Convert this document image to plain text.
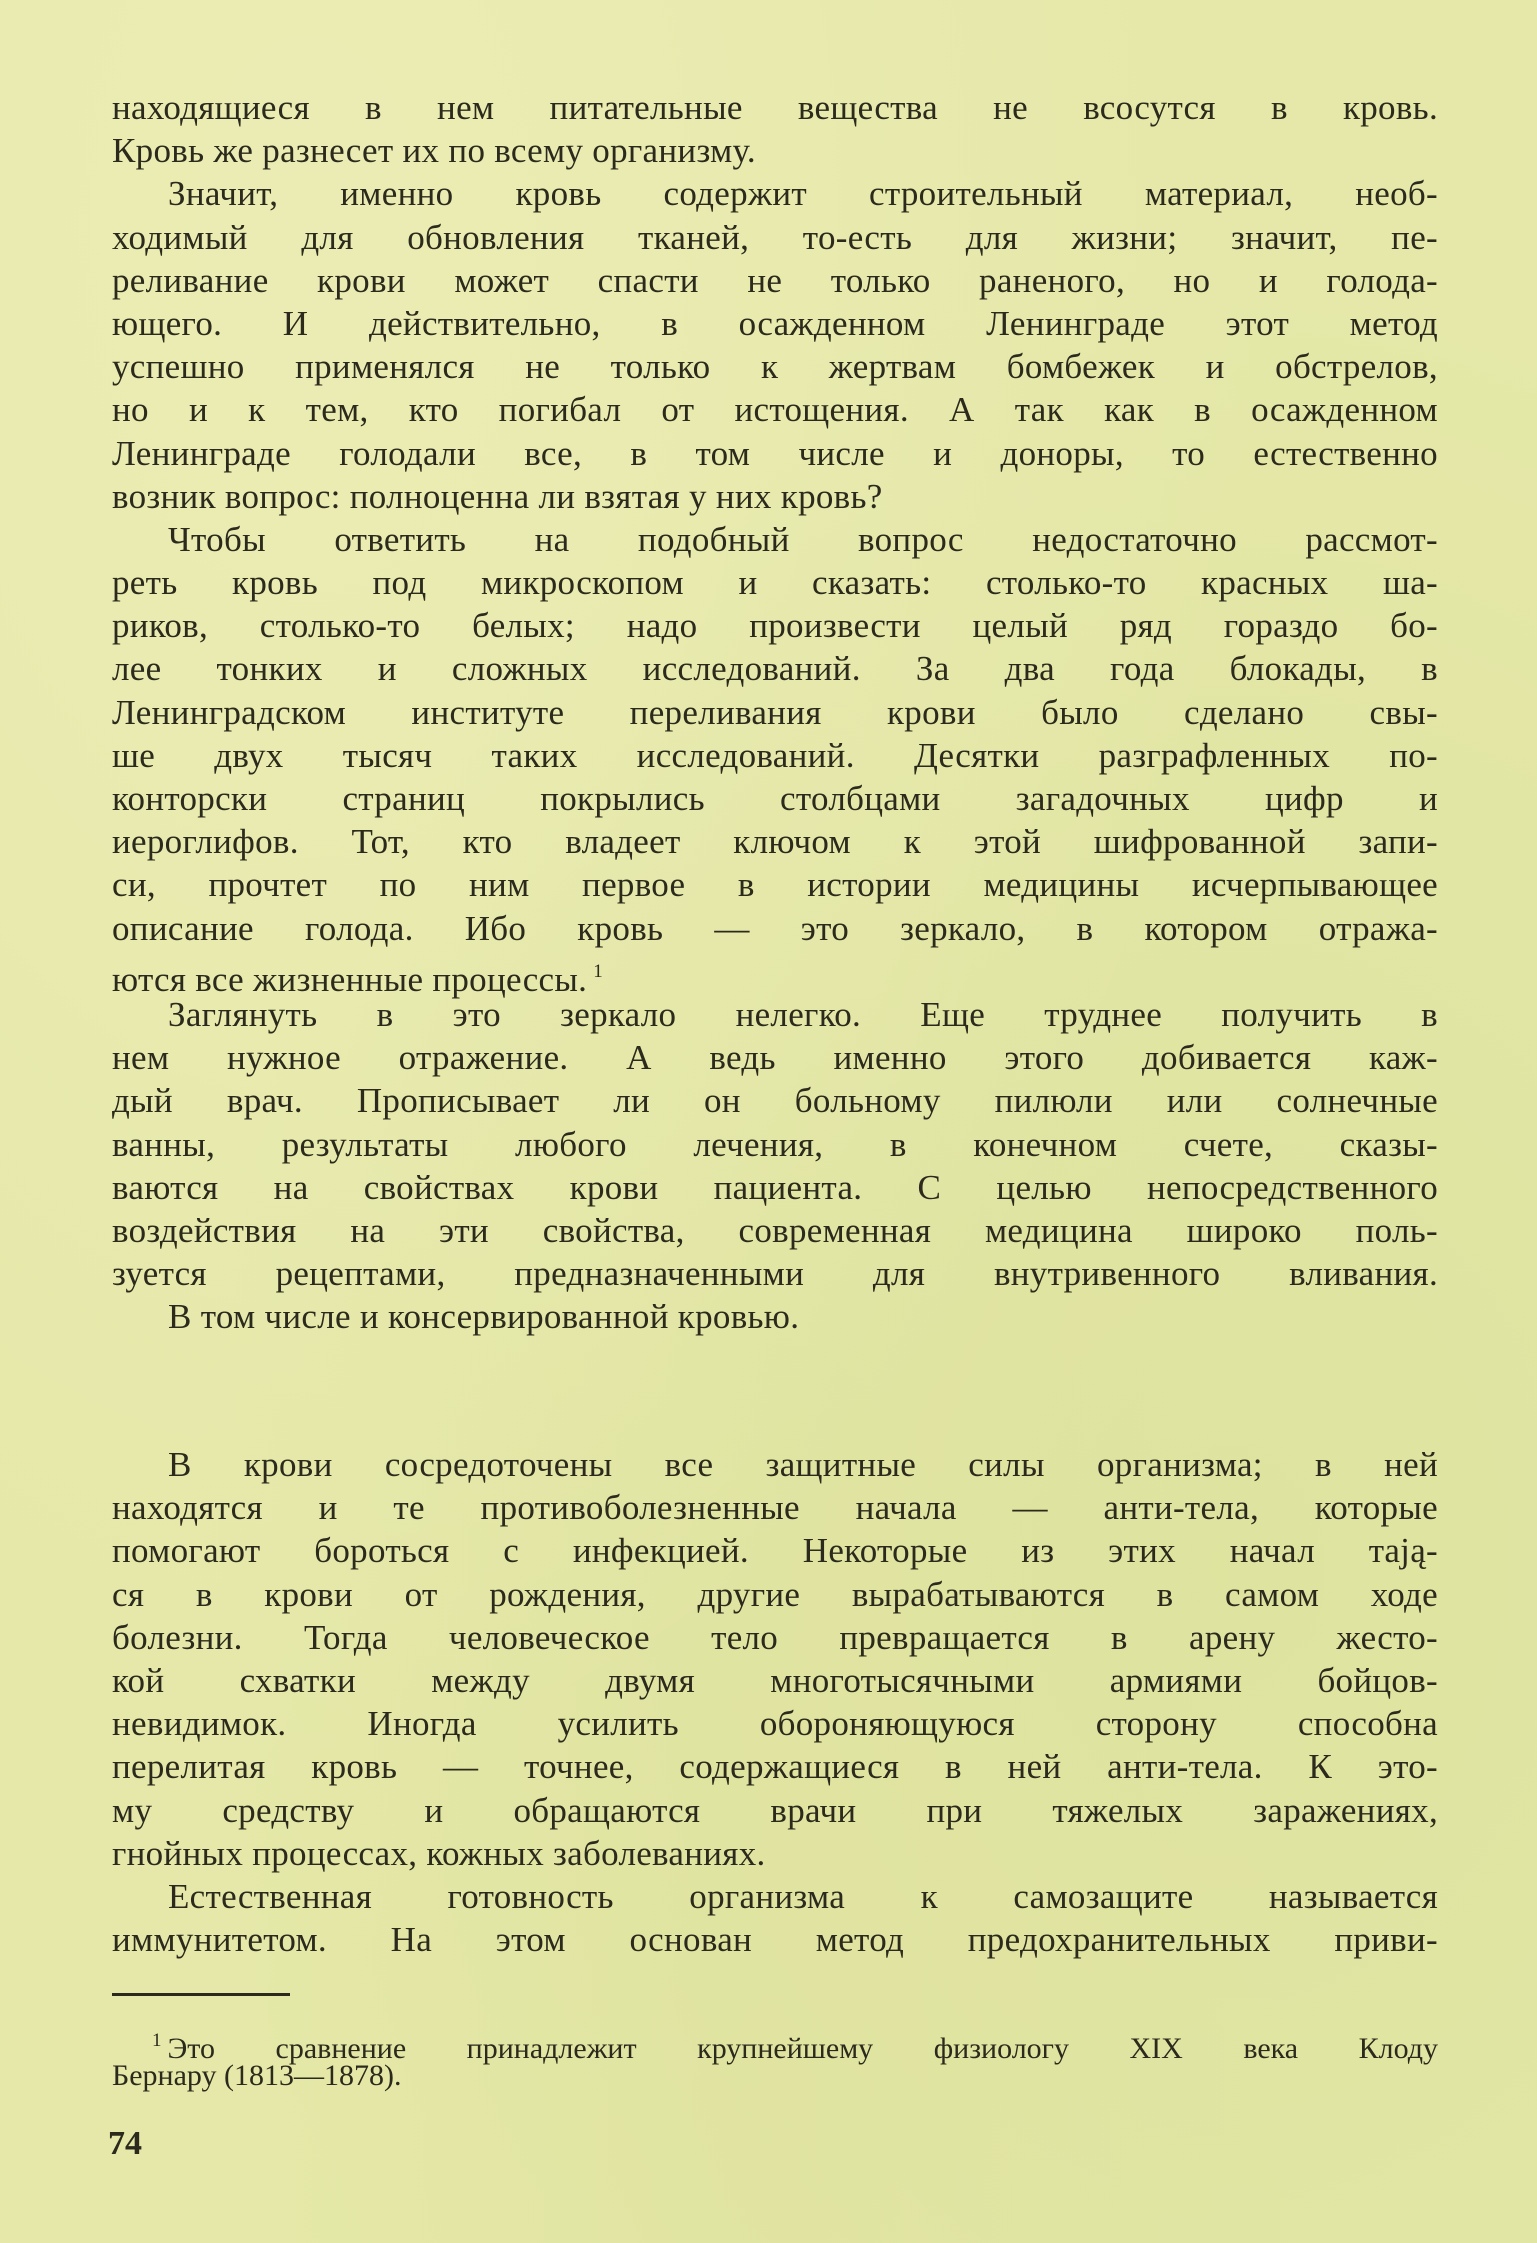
находящиеся в нем питательные вещества не всосутся в кровь.
Кровь же разнесет их по всему организму.
Значит, именно кровь содержит строительный материал, необ-
ходимый для обновления тканей, то-есть для жизни; значит, пе-
реливание крови может спасти не только раненого, но и голода-
ющего. И действительно, в осажденном Ленинграде этот метод
успешно применялся не только к жертвам бомбежек и обстрелов,
но и к тем, кто погибал от истощения. А так как в осажденном
Ленинграде голодали все, в том числе и доноры, то естественно
возник вопрос: полноценна ли взятая у них кровь?
Чтобы ответить на подобный вопрос недостаточно рассмот-
реть кровь под микроскопом и сказать: столько-то красных ша-
риков, столько-то белых; надо произвести целый ряд гораздо бо-
лее тонких и сложных исследований. За два года блокады, в
Ленинградском институте переливания крови было сделано свы-
ше двух тысяч таких исследований. Десятки разграфленных по-
конторски страниц покрылись столбцами загадочных цифр и
иероглифов. Тот, кто владеет ключом к этой шифрованной запи-
си, прочтет по ним первое в истории медицины исчерпывающее
описание голода. Ибо кровь — это зеркало, в котором отража-
ются все жизненные процессы. $^1$
Заглянуть в это зеркало нелегко. Еще труднее получить в
нем нужное отражение. А ведь именно этого добивается каж-
дый врач. Прописывает ли он больному пилюли или солнечные
ванны, результаты любого лечения, в конечном счете, сказы-
ваются на свойствах крови пациента. С целью непосредственного
воздействия на эти свойства, современная медицина широко поль-
зуется рецептами, предназначенными для внутривенного вливания.
В том числе и консервированной кровью.
В крови сосредоточены все защитные силы организма; в ней
находятся и те противоболезненные начала — анти-тела, которые
помогают бороться с инфекцией. Некоторые из этих начал тają-
ся в крови от рождения, другие вырабатываются в самом ходе
болезни. Тогда человеческое тело превращается в арену жесто-
кой схватки между двумя многотысячными армиями бойцов-
невидимок. Иногда усилить обороняющуюся сторону способна
перелитая кровь — точнее, содержащиеся в ней анти-тела. К это-
му средству и обращаются врачи при тяжелых заражениях,
гнойных процессах, кожных заболеваниях.
Естественная готовность организма к самозащите называется
иммунитетом. На этом основан метод предохранительных приви-
$^1$ Это сравнение принадлежит крупнейшему физиологу XIX века Клоду
Бернару (1813—1878).
74
